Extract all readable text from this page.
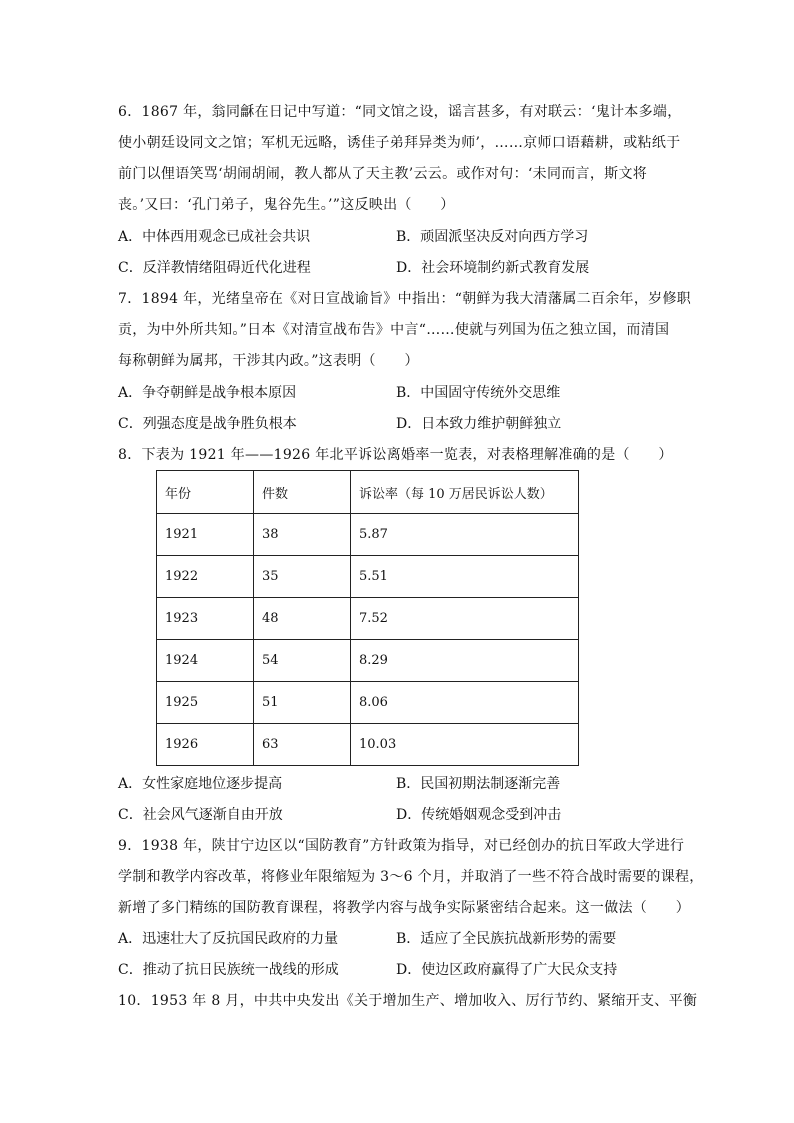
6．1867 年，翁同龢在日记中写道：“同文馆之设，谣言甚多，有对联云：‘鬼计本多端，
使小朝廷设同文之馆；军机无远略，诱佳子弟拜异类为师’，……京师口语藉耕，或粘纸于
前门以俚语笑骂‘胡闹胡闹，教人都从了天主教’云云。或作对句：‘未同而言，斯文将
丧。’又曰：‘孔门弟子，鬼谷先生。’”这反映出（　　）
A．中体西用观念已成社会共识	B．顽固派坚决反对向西方学习
C．反洋教情绪阻碍近代化进程	D．社会环境制约新式教育发展
7．1894 年，光绪皇帝在《对日宣战谕旨》中指出：“朝鲜为我大清藩属二百余年，岁修职
贡，为中外所共知。”日本《对清宣战布告》中言“……使就与列国为伍之独立国，而清国
每称朝鲜为属邦，干涉其内政。”这表明（　　）
A．争夺朝鲜是战争根本原因	B．中国固守传统外交思维
C．列强态度是战争胜负根本	D．日本致力维护朝鲜独立
8．下表为 1921 年——1926 年北平诉讼离婚率一览表，对表格理解准确的是（　　）
年份	件数	诉讼率（每 10 万居民诉讼人数）
1921	38	5.87
1922	35	5.51
1923	48	7.52
1924	54	8.29
1925	51	8.06
1926	63	10.03
A．女性家庭地位逐步提高	B．民国初期法制逐渐完善
C．社会风气逐渐自由开放	D．传统婚姻观念受到冲击
9．1938 年，陕甘宁边区以“国防教育”方针政策为指导，对已经创办的抗日军政大学进行
学制和教学内容改革，将修业年限缩短为 3～6 个月，并取消了一些不符合战时需要的课程，
新增了多门精练的国防教育课程，将教学内容与战争实际紧密结合起来。这一做法（　　）
A．迅速壮大了反抗国民政府的力量	B．适应了全民族抗战新形势的需要
C．推动了抗日民族统一战线的形成	D．使边区政府赢得了广大民众支持
10．1953 年 8 月，中共中央发出《关于增加生产、增加收入、厉行节约、紧缩开支、平衡
